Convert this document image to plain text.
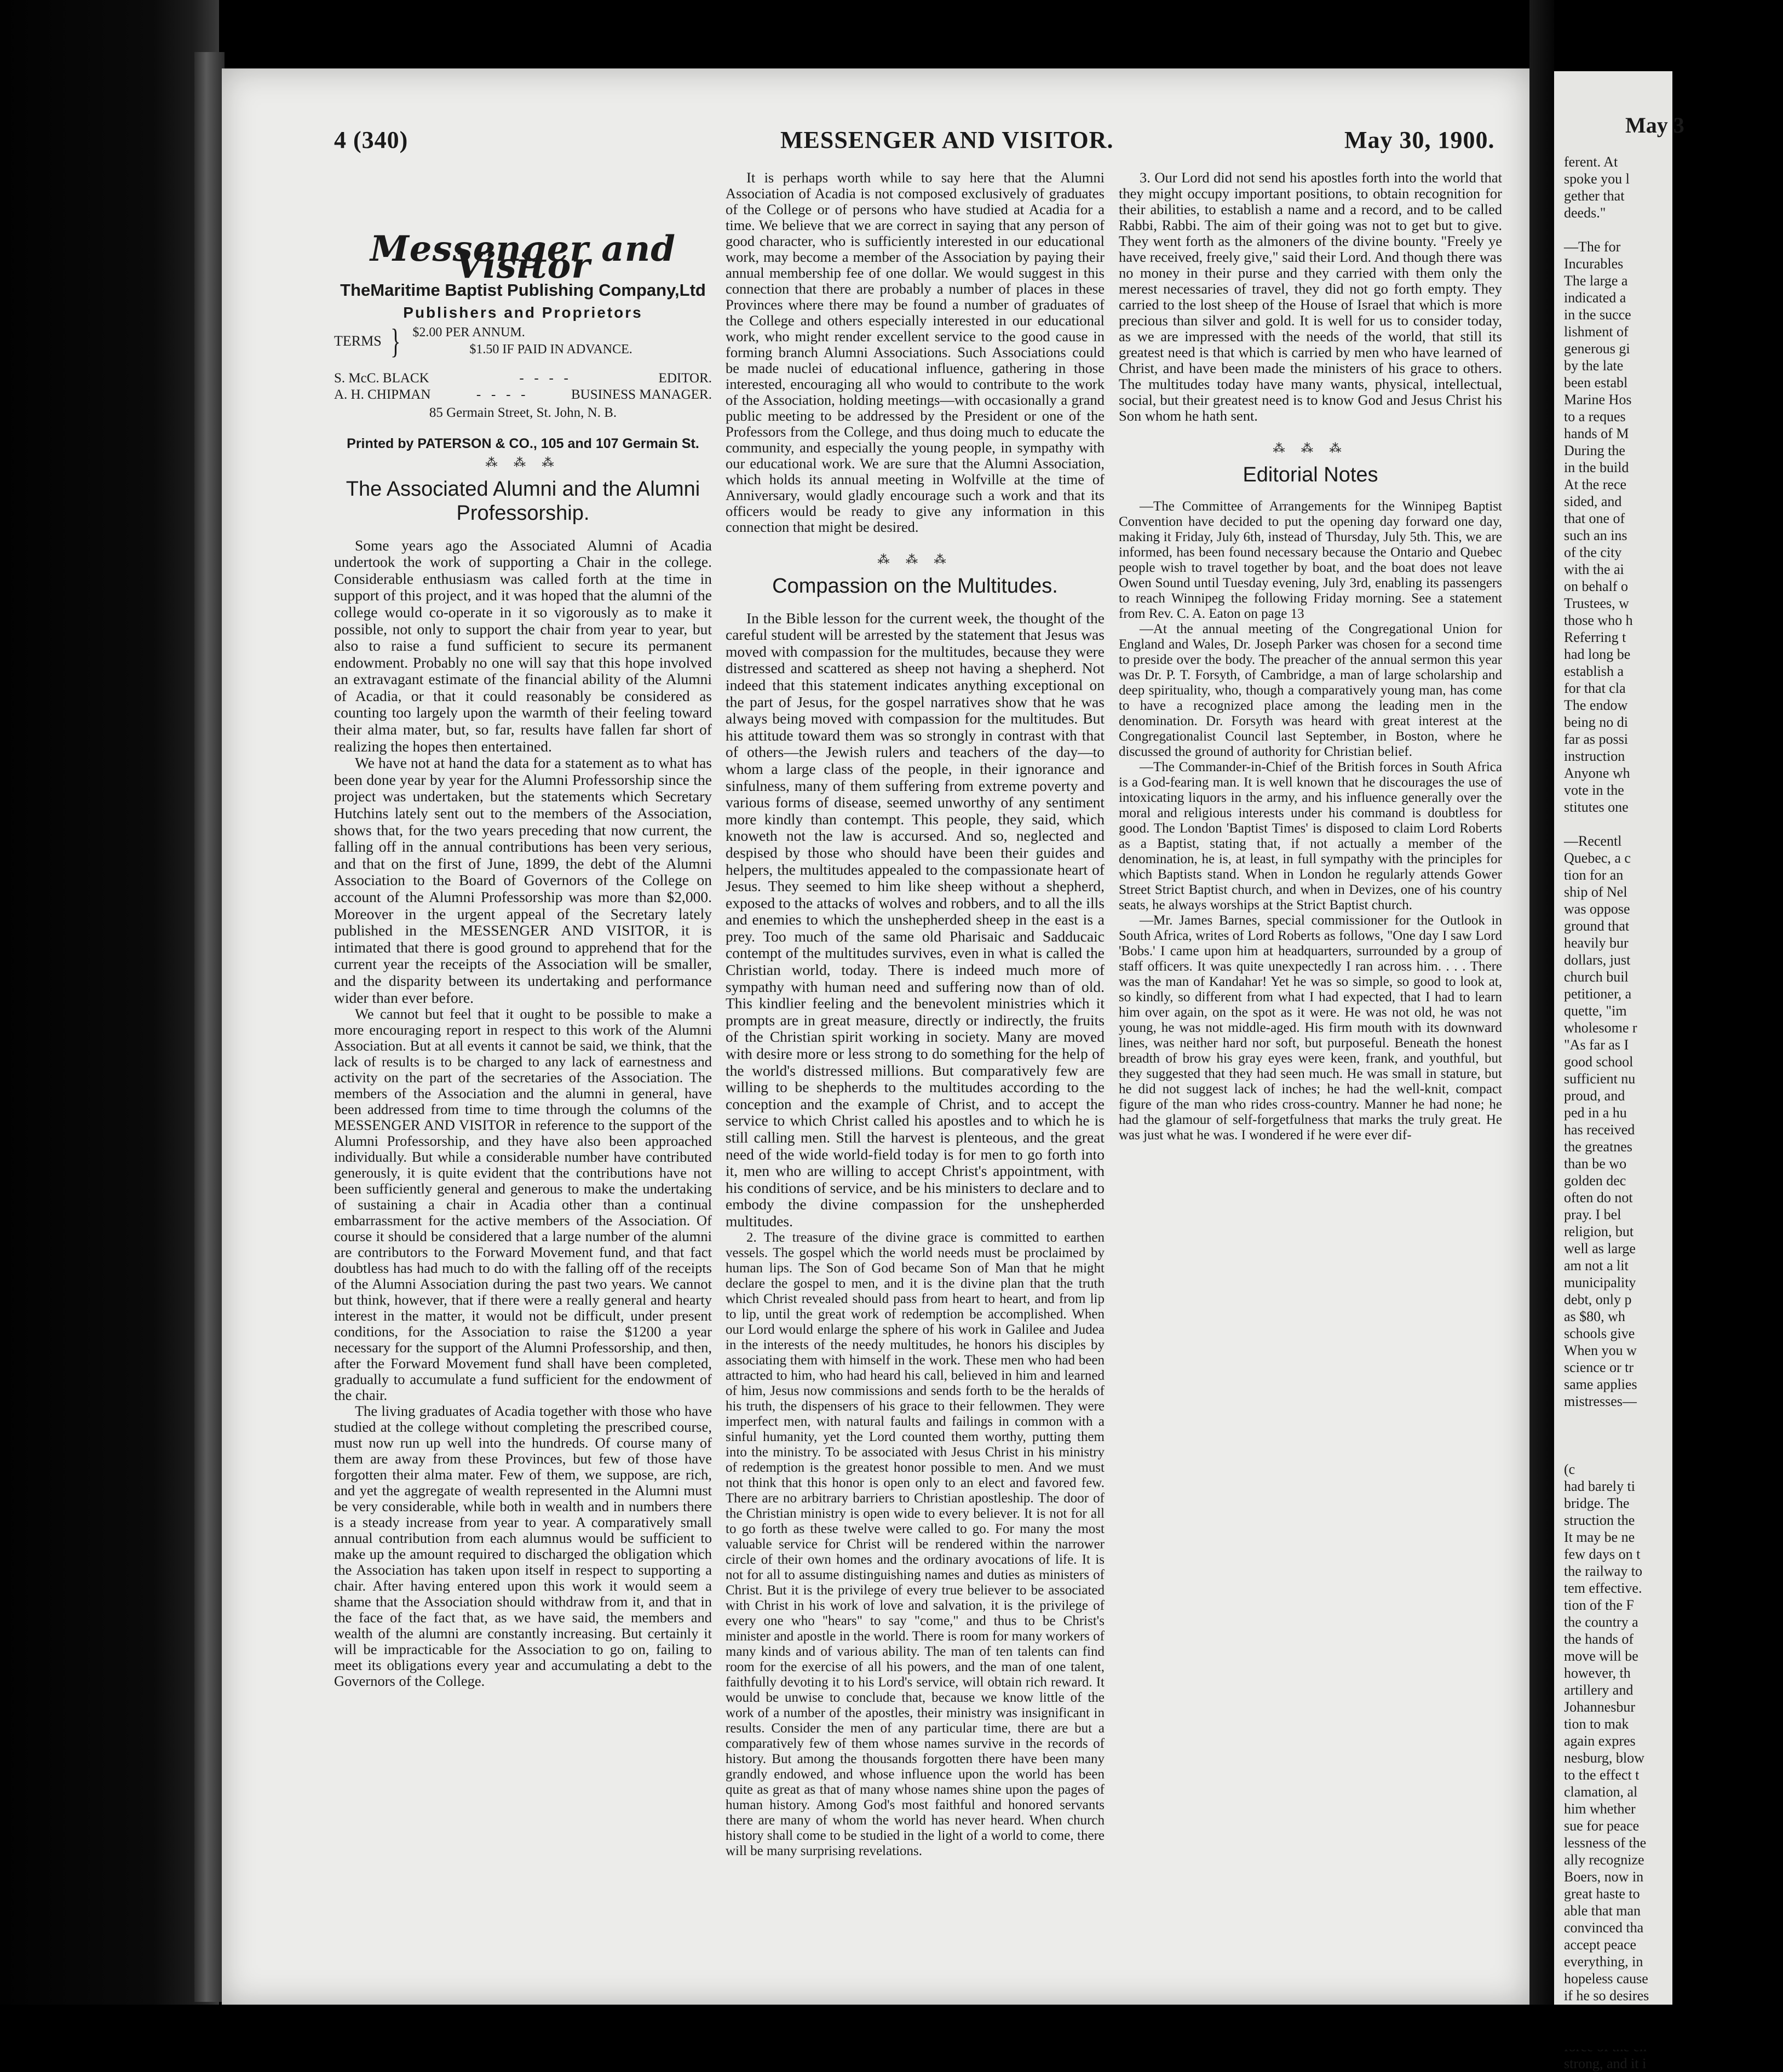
4 (340)	MESSENGER AND VISITOR.	May 30, 1900.
Messenger and Visitor
TheMaritime Baptist Publishing Company,Ltd
Publishers and Proprietors
TERMS } $2.00 PER ANNUM.
$1.50 IF PAID IN ADVANCE.
S. McC. BLACK	-   -   -   -	EDITOR.
A. H. CHIPMAN	-   -   -   -	BUSINESS MANAGER.
85 Germain Street, St. John, N. B.
Printed by PATERSON & CO., 105 and 107 Germain St.
⁂ ⁂ ⁂
The Associated Alumni and the Alumni Professorship.

Some years ago the Associated Alumni of Acadia undertook the work of supporting a Chair in the college. Considerable enthusiasm was called forth at the time in support of this project, and it was hoped that the alumni of the college would co-operate in it so vigorously as to make it possible, not only to support the chair from year to year, but also to raise a fund sufficient to secure its permanent endowment. Probably no one will say that this hope involved an extravagant estimate of the financial ability of the Alumni of Acadia, or that it could reasonably be considered as counting too largely upon the warmth of their feeling toward their alma mater, but, so far, results have fallen far short of realizing the hopes then entertained.

We have not at hand the data for a statement as to what has been done year by year for the Alumni Professorship since the project was undertaken, but the statements which Secretary Hutchins lately sent out to the members of the Association, shows that, for the two years preceding that now current, the falling off in the annual contributions has been very serious, and that on the first of June, 1899, the debt of the Alumni Association to the Board of Governors of the College on account of the Alumni Professorship was more than $2,000. Moreover in the urgent appeal of the Secretary lately published in the MESSENGER AND VISITOR, it is intimated that there is good ground to apprehend that for the current year the receipts of the Association will be smaller, and the disparity between its undertaking and performance wider than ever before.

We cannot but feel that it ought to be possible to make a more encouraging report in respect to this work of the Alumni Association. But at all events it cannot be said, we think, that the lack of results is to be charged to any lack of earnestness and activity on the part of the secretaries of the Association. The members of the Association and the alumni in general, have been addressed from time to time through the columns of the MESSENGER AND VISITOR in reference to the support of the Alumni Professorship, and they have also been approached individually. But while a considerable number have contributed generously, it is quite evident that the contributions have not been sufficiently general and generous to make the undertaking of sustaining a chair in Acadia other than a continual embarrassment for the active members of the Association. Of course it should be considered that a large number of the alumni are contributors to the Forward Movement fund, and that fact doubtless has had much to do with the falling off of the receipts of the Alumni Association during the past two years. We cannot but think, however, that if there were a really general and hearty interest in the matter, it would not be difficult, under present conditions, for the Association to raise the $1200 a year necessary for the support of the Alumni Professorship, and then, after the Forward Movement fund shall have been completed, gradually to accumulate a fund sufficient for the endowment of the chair.

The living graduates of Acadia together with those who have studied at the college without completing the prescribed course, must now run up well into the hundreds. Of course many of them are away from these Provinces, but few of those have forgotten their alma mater. Few of them, we suppose, are rich, and yet the aggregate of wealth represented in the Alumni must be very considerable, while both in wealth and in numbers there is a steady increase from year to year. A comparatively small annual contribution from each alumnus would be sufficient to make up the amount required to discharged the obligation which the Association has taken upon itself in respect to supporting a chair. After having entered upon this work it would seem a shame that the Association should withdraw from it, and that in the face of the fact that, as we have said, the members and wealth of the alumni are constantly increasing. But certainly it will be impracticable for the Association to go on, failing to meet its obligations every year and accumulating a debt to the Governors of the College.

It is perhaps worth while to say here that the Alumni Association of Acadia is not composed exclusively of graduates of the College or of persons who have studied at Acadia for a time. We believe that we are correct in saying that any person of good character, who is sufficiently interested in our educational work, may become a member of the Association by paying their annual membership fee of one dollar. We would suggest in this connection that there are probably a number of places in these Provinces where there may be found a number of graduates of the College and others especially interested in our educational work, who might render excellent service to the good cause in forming branch Alumni Associations. Such Associations could be made nuclei of educational influence, gathering in those interested, encouraging all who would to contribute to the work of the Association, holding meetings—with occasionally a grand public meeting to be addressed by the President or one of the Professors from the College, and thus doing much to educate the community, and especially the young people, in sympathy with our educational work. We are sure that the Alumni Association, which holds its annual meeting in Wolfville at the time of Anniversary, would gladly encourage such a work and that its officers would be ready to give any information in this connection that might be desired.

⁂ ⁂ ⁂
Compassion on the Multitudes.

In the Bible lesson for the current week, the thought of the careful student will be arrested by the statement that Jesus was moved with compassion for the multitudes, because they were distressed and scattered as sheep not having a shepherd. Not indeed that this statement indicates anything exceptional on the part of Jesus, for the gospel narratives show that he was always being moved with compassion for the multitudes. But his attitude toward them was so strongly in contrast with that of others—the Jewish rulers and teachers of the day—to whom a large class of the people, in their ignorance and sinfulness, many of them suffering from extreme poverty and various forms of disease, seemed unworthy of any sentiment more kindly than contempt. This people, they said, which knoweth not the law is accursed. And so, neglected and despised by those who should have been their guides and helpers, the multitudes appealed to the compassionate heart of Jesus. They seemed to him like sheep without a shepherd, exposed to the attacks of wolves and robbers, and to all the ills and enemies to which the unshepherded sheep in the east is a prey. Too much of the same old Pharisaic and Sadducaic contempt of the multitudes survives, even in what is called the Christian world, today. There is indeed much more of sympathy with human need and suffering now than of old. This kindlier feeling and the benevolent ministries which it prompts are in great measure, directly or indirectly, the fruits of the Christian spirit working in society. Many are moved with desire more or less strong to do something for the help of the world's distressed millions. But comparatively few are willing to be shepherds to the multitudes according to the conception and the example of Christ, and to accept the service to which Christ called his apostles and to which he is still calling men. Still the harvest is plenteous, and the great need of the wide world-field today is for men to go forth into it, men who are willing to accept Christ's appointment, with his conditions of service, and be his ministers to declare and to embody the divine compassion for the unshepherded multitudes.

2. The treasure of the divine grace is committed to earthen vessels. The gospel which the world needs must be proclaimed by human lips. The Son of God became Son of Man that he might declare the gospel to men, and it is the divine plan that the truth which Christ revealed should pass from heart to heart, and from lip to lip, until the great work of redemption be accomplished. When our Lord would enlarge the sphere of his work in Galilee and Judea in the interests of the needy multitudes, he honors his disciples by associating them with himself in the work. These men who had been attracted to him, who had heard his call, believed in him and learned of him, Jesus now commissions and sends forth to be the heralds of his truth, the dispensers of his grace to their fellowmen. They were imperfect men, with natural faults and failings in common with a sinful humanity, yet the Lord counted them worthy, putting them into the ministry. To be associated with Jesus Christ in his ministry of redemption is the greatest honor possible to men. And we must not think that this honor is open only to an elect and favored few. There are no arbitrary barriers to Christian apostleship. The door of the Christian ministry is open wide to every believer. It is not for all to go forth as these twelve were called to go. For many the most valuable service for Christ will be rendered within the narrower circle of their own homes and the ordinary avocations of life. It is not for all to assume distinguishing names and duties as ministers of Christ. But it is the privilege of every true believer to be associated with Christ in his work of love and salvation, it is the privilege of every one who "hears" to say "come," and thus to be Christ's minister and apostle in the world. There is room for many workers of many kinds and of various ability. The man of ten talents can find room for the exercise of all his powers, and the man of one talent, faithfully devoting it to his Lord's service, will obtain rich reward. It would be unwise to conclude that, because we know little of the work of a number of the apostles, their ministry was insignificant in results. Consider the men of any particular time, there are but a comparatively few of them whose names survive in the records of history. But among the thousands forgotten there have been many grandly endowed, and whose influence upon the world has been quite as great as that of many whose names shine upon the pages of human history. Among God's most faithful and honored servants there are many of whom the world has never heard. When church history shall come to be studied in the light of a world to come, there will be many surprising revelations.

3. Our Lord did not send his apostles forth into the world that they might occupy important positions, to obtain recognition for their abilities, to establish a name and a record, and to be called Rabbi, Rabbi. The aim of their going was not to get but to give. They went forth as the almoners of the divine bounty. "Freely ye have received, freely give," said their Lord. And though there was no money in their purse and they carried with them only the merest necessaries of travel, they did not go forth empty. They carried to the lost sheep of the House of Israel that which is more precious than silver and gold. It is well for us to consider today, as we are impressed with the needs of the world, that still its greatest need is that which is carried by men who have learned of Christ, and have been made the ministers of his grace to others. The multitudes today have many wants, physical, intellectual, social, but their greatest need is to know God and Jesus Christ his Son whom he hath sent.

⁂ ⁂ ⁂
Editorial Notes

—The Committee of Arrangements for the Winnipeg Baptist Convention have decided to put the opening day forward one day, making it Friday, July 6th, instead of Thursday, July 5th. This, we are informed, has been found necessary because the Ontario and Quebec people wish to travel together by boat, and the boat does not leave Owen Sound until Tuesday evening, July 3rd, enabling its passengers to reach Winnipeg the following Friday morning. See a statement from Rev. C. A. Eaton on page 13

—At the annual meeting of the Congregational Union for England and Wales, Dr. Joseph Parker was chosen for a second time to preside over the body. The preacher of the annual sermon this year was Dr. P. T. Forsyth, of Cambridge, a man of large scholarship and deep spirituality, who, though a comparatively young man, has come to have a recognized place among the leading men in the denomination. Dr. Forsyth was heard with great interest at the Congregationalist Council last September, in Boston, where he discussed the ground of authority for Christian belief.

—The Commander-in-Chief of the British forces in South Africa is a God-fearing man. It is well known that he discourages the use of intoxicating liquors in the army, and his influence generally over the moral and religious interests under his command is doubtless for good. The London 'Baptist Times' is disposed to claim Lord Roberts as a Baptist, stating that, if not actually a member of the denomination, he is, at least, in full sympathy with the principles for which Baptists stand. When in London he regularly attends Gower Street Strict Baptist church, and when in Devizes, one of his country seats, he always worships at the Strict Baptist church.

—Mr. James Barnes, special commissioner for the Outlook in South Africa, writes of Lord Roberts as follows, "One day I saw Lord 'Bobs.' I came upon him at headquarters, surrounded by a group of staff officers. It was quite unexpectedly I ran across him. . . . There was the man of Kandahar! Yet he was so simple, so good to look at, so kindly, so different from what I had expected, that I had to learn him over again, on the spot as it were. He was not old, he was not young, he was not middle-aged. His firm mouth with its downward lines, was neither hard nor soft, but purposeful. Beneath the honest breadth of brow his gray eyes were keen, frank, and youthful, but they suggested that they had seen much. He was small in stature, but he did not suggest lack of inches; he had the well-knit, compact figure of the man who rides cross-country. Manner he had none; he had the glamour of self-forgetfulness that marks the truly great. He was just what he was. I wondered if he were ever dif-

May 3
ferent. At
spoke you l
gether that
deeds."

—The for
Incurables
The large a
indicated a
in the succe
lishment of
generous gi
by the late
been establ
Marine Hos
to a reques
hands of M
During the
in the build
At the rece
sided, and
that one of
such an ins
of the city
with the ai
on behalf o
Trustees, w
those who h
Referring t
had long be
establish a
for that cla
The endow
being no di
far as possi
instruction
Anyone wh
vote in the
stitutes one

—Recentl
Quebec, a c
tion for an
ship of Nel
was oppose
ground that
heavily bur
dollars, just
church buil
petitioner, a
quette, "im
wholesome r
"As far as I
good school
sufficient nu
proud, and
ped in a hu
has received
the greatnes
than be wo
golden dec
often do not
pray. I bel
religion, but
well as large
am not a lit
municipality
debt, only p
as $80, wh
schools give
When you w
science or tr
same applies
mistresses—

(c
had barely ti
bridge. The
struction the
It may be ne
few days on t
the railway to
tem effective.
tion of the F
the country a
the hands of
move will be
however, th
artillery and
Johannesbur
tion to mak
again expres
nesburg, blow
to the effect t
clamation, al
him whether
sue for peace
lessness of the
ally recognize
Boers, now in
great haste to
able that man
convinced tha
accept peace
everything, in
hopeless cause
if he so desires
strong, and it i
